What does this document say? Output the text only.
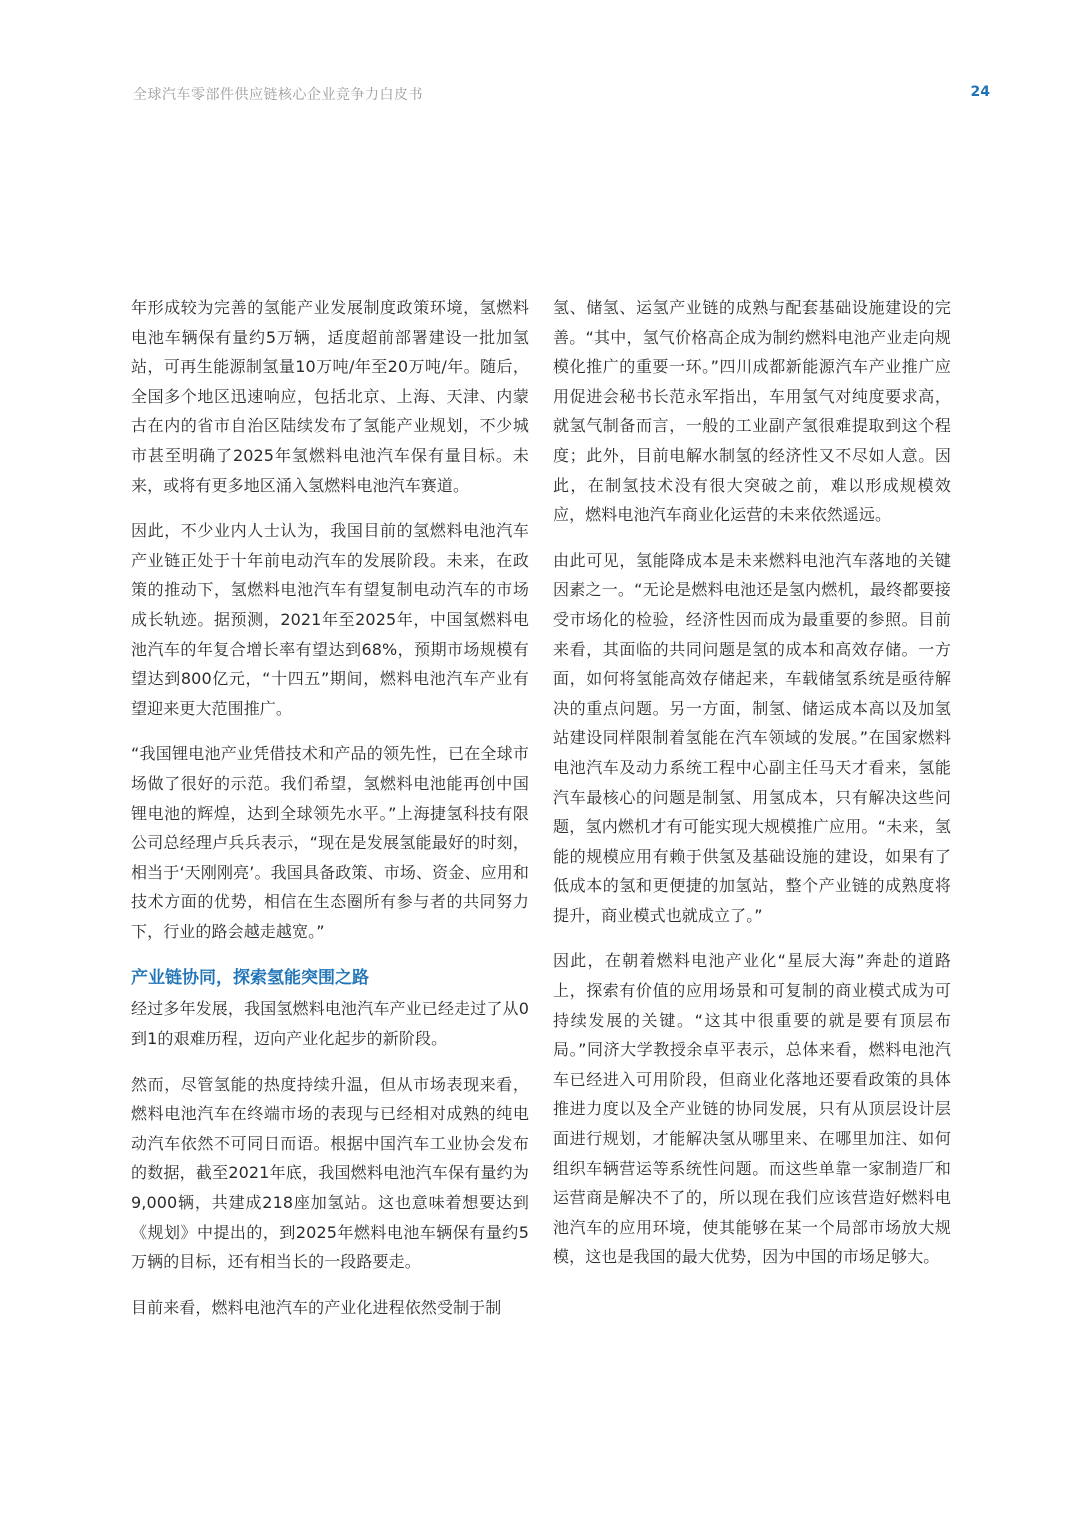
全球汽车零部件供应链核心企业竞争力白皮书	24

年形成较为完善的氢能产业发展制度政策环境，氢燃料电池车辆保有量约5万辆，适度超前部署建设一批加氢站，可再生能源制氢量10万吨/年至20万吨/年。随后，全国多个地区迅速响应，包括北京、上海、天津、内蒙古在内的省市自治区陆续发布了氢能产业规划，不少城市甚至明确了2025年氢燃料电池汽车保有量目标。未来，或将有更多地区涌入氢燃料电池汽车赛道。

因此，不少业内人士认为，我国目前的氢燃料电池汽车产业链正处于十年前电动汽车的发展阶段。未来，在政策的推动下，氢燃料电池汽车有望复制电动汽车的市场成长轨迹。据预测，2021年至2025年，中国氢燃料电池汽车的年复合增长率有望达到68%，预期市场规模有望达到800亿元，“十四五”期间，燃料电池汽车产业有望迎来更大范围推广。

“我国锂电池产业凭借技术和产品的领先性，已在全球市场做了很好的示范。我们希望，氢燃料电池能再创中国锂电池的辉煌，达到全球领先水平。”上海捷氢科技有限公司总经理卢兵兵表示，“现在是发展氢能最好的时刻，相当于‘天刚刚亮’。我国具备政策、市场、资金、应用和技术方面的优势，相信在生态圈所有参与者的共同努力下，行业的路会越走越宽。”

产业链协同，探索氢能突围之路

经过多年发展，我国氢燃料电池汽车产业已经走过了从0到1的艰难历程，迈向产业化起步的新阶段。

然而，尽管氢能的热度持续升温，但从市场表现来看，燃料电池汽车在终端市场的表现与已经相对成熟的纯电动汽车依然不可同日而语。根据中国汽车工业协会发布的数据，截至2021年底，我国燃料电池汽车保有量约为9,000辆，共建成218座加氢站。这也意味着想要达到《规划》中提出的，到2025年燃料电池车辆保有量约5万辆的目标，还有相当长的一段路要走。

目前来看，燃料电池汽车的产业化进程依然受制于制

氢、储氢、运氢产业链的成熟与配套基础设施建设的完善。“其中，氢气价格高企成为制约燃料电池产业走向规模化推广的重要一环。”四川成都新能源汽车产业推广应用促进会秘书长范永军指出，车用氢气对纯度要求高，就氢气制备而言，一般的工业副产氢很难提取到这个程度；此外，目前电解水制氢的经济性又不尽如人意。因此，在制氢技术没有很大突破之前，难以形成规模效应，燃料电池汽车商业化运营的未来依然遥远。

由此可见，氢能降成本是未来燃料电池汽车落地的关键因素之一。“无论是燃料电池还是氢内燃机，最终都要接受市场化的检验，经济性因而成为最重要的参照。目前来看，其面临的共同问题是氢的成本和高效存储。一方面，如何将氢能高效存储起来，车载储氢系统是亟待解决的重点问题。另一方面，制氢、储运成本高以及加氢站建设同样限制着氢能在汽车领域的发展。”在国家燃料电池汽车及动力系统工程中心副主任马天才看来，氢能汽车最核心的问题是制氢、用氢成本，只有解决这些问题，氢内燃机才有可能实现大规模推广应用。“未来，氢能的规模应用有赖于供氢及基础设施的建设，如果有了低成本的氢和更便捷的加氢站，整个产业链的成熟度将提升，商业模式也就成立了。”

因此，在朝着燃料电池产业化“星辰大海”奔赴的道路上，探索有价值的应用场景和可复制的商业模式成为可持续发展的关键。“这其中很重要的就是要有顶层布局。”同济大学教授余卓平表示，总体来看，燃料电池汽车已经进入可用阶段，但商业化落地还要看政策的具体推进力度以及全产业链的协同发展，只有从顶层设计层面进行规划，才能解决氢从哪里来、在哪里加注、如何组织车辆营运等系统性问题。而这些单靠一家制造厂和运营商是解决不了的，所以现在我们应该营造好燃料电池汽车的应用环境，使其能够在某一个局部市场放大规模，这也是我国的最大优势，因为中国的市场足够大。
